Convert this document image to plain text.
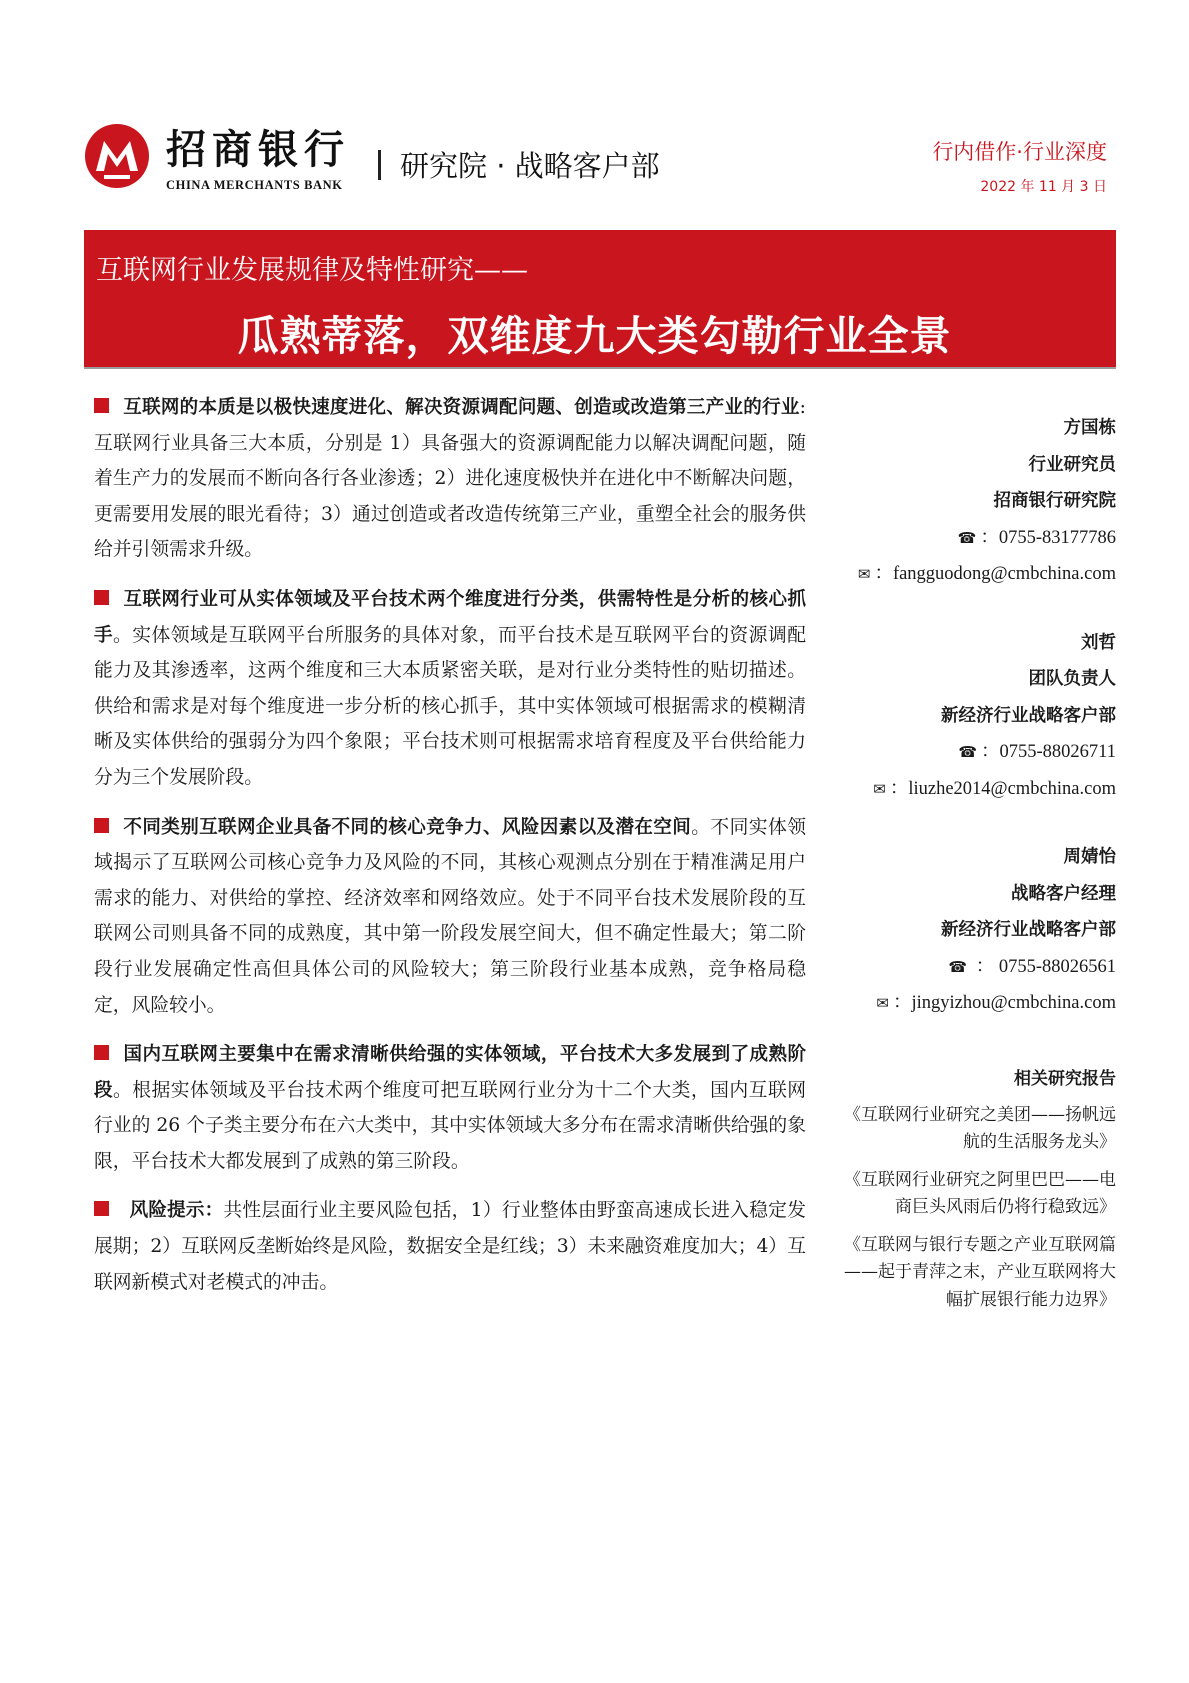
招商银行
CHINA MERCHANTS BANK
研究院 · 战略客户部	行内借作·行业深度
2022 年 11 月 3 日
互联网行业发展规律及特性研究——
瓜熟蒂落，双维度九大类勾勒行业全景

互联网的本质是以极快速度进化、解决资源调配问题、创造或改造第三产业的行业:互联网行业具备三大本质，分别是 1）具备强大的资源调配能力以解决调配问题，随着生产力的发展而不断向各行各业渗透；2）进化速度极快并在进化中不断解决问题，更需要用发展的眼光看待；3）通过创造或者改造传统第三产业，重塑全社会的服务供给并引领需求升级。

互联网行业可从实体领域及平台技术两个维度进行分类，供需特性是分析的核心抓手。实体领域是互联网平台所服务的具体对象，而平台技术是互联网平台的资源调配能力及其渗透率，这两个维度和三大本质紧密关联，是对行业分类特性的贴切描述。供给和需求是对每个维度进一步分析的核心抓手，其中实体领域可根据需求的模糊清晰及实体供给的强弱分为四个象限；平台技术则可根据需求培育程度及平台供给能力分为三个发展阶段。

不同类别互联网企业具备不同的核心竞争力、风险因素以及潜在空间。不同实体领域揭示了互联网公司核心竞争力及风险的不同，其核心观测点分别在于精准满足用户需求的能力、对供给的掌控、经济效率和网络效应。处于不同平台技术发展阶段的互联网公司则具备不同的成熟度，其中第一阶段发展空间大，但不确定性最大；第二阶段行业发展确定性高但具体公司的风险较大；第三阶段行业基本成熟，竞争格局稳定，风险较小。

国内互联网主要集中在需求清晰供给强的实体领域，平台技术大多发展到了成熟阶段。根据实体领域及平台技术两个维度可把互联网行业分为十二个大类，国内互联网行业的 26 个子类主要分布在六大类中，其中实体领域大多分布在需求清晰供给强的象限，平台技术大都发展到了成熟的第三阶段。

风险提示：共性层面行业主要风险包括，1）行业整体由野蛮高速成长进入稳定发展期；2）互联网反垄断始终是风险，数据安全是红线；3）未来融资难度加大；4）互联网新模式对老模式的冲击。

方国栋
行业研究员
招商银行研究院
☎ ：0755-83177786
✉ ：fangguodong@cmbchina.com
刘哲
团队负责人
新经济行业战略客户部
☎ ：0755-88026711
✉ ：liuzhe2014@cmbchina.com
周婧怡
战略客户经理
新经济行业战略客户部
☎ ： 0755-88026561
✉ ：jingyizhou@cmbchina.com
相关研究报告
《互联网行业研究之美团——扬帆远航的生活服务龙头》
《互联网行业研究之阿里巴巴——电商巨头风雨后仍将行稳致远》
《互联网与银行专题之产业互联网篇——起于青萍之末，产业互联网将大幅扩展银行能力边界》
